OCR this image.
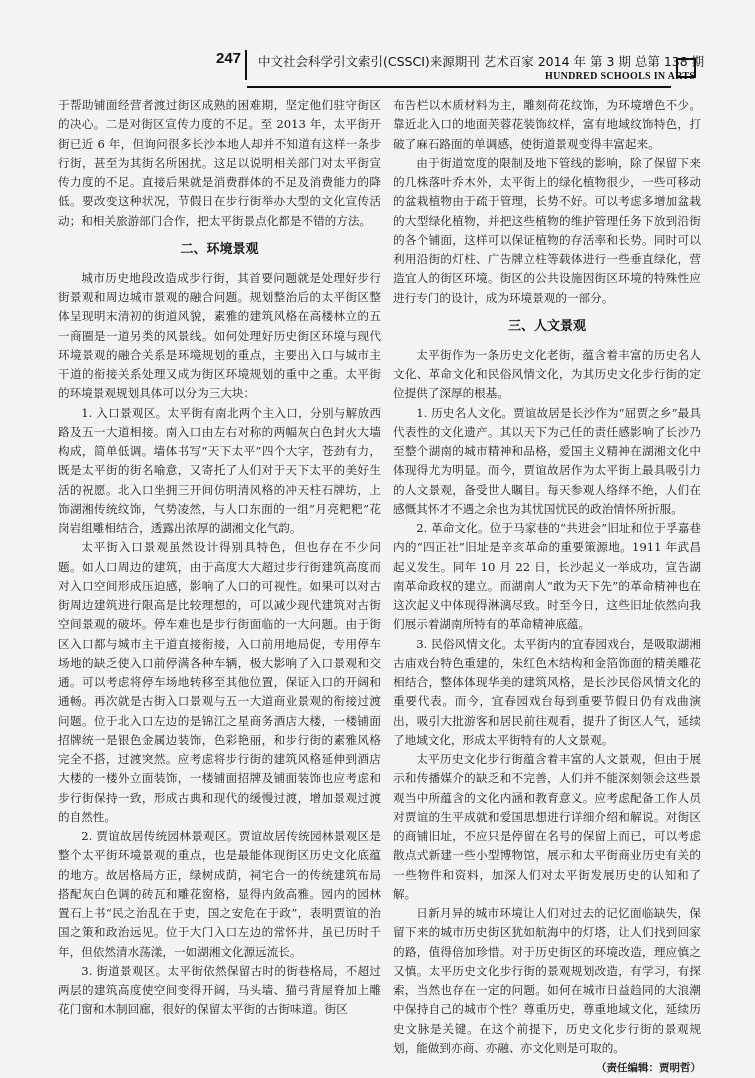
247 中文社会科学引文索引(CSSCI)来源期刊 艺术百家 2014 年 第 3 期 总第 138 期
HUNDRED SCHOOLS IN ARTS

于帮助铺面经营者渡过街区成熟的困难期，坚定他们驻守街区的决心。二是对街区宣传力度的不足。至 2013 年，太平街开街已近 6 年，但询问很多长沙本地人却并不知道有这样一条步行街，甚至为其街名所困扰。这足以说明相关部门对太平街宣传力度的不足。直接后果就是消费群体的不足及消费能力的降低。要改变这种状况，节假日在步行街举办大型的文化宣传活动；和相关旅游部门合作，把太平街景点化都是不错的方法。

二、环境景观

城市历史地段改造成步行街，其首要问题就是处理好步行街景观和周边城市景观的融合问题。规划整治后的太平街区整体呈现明末清初的街道风貌，素雅的建筑风格在高楼林立的五一商圈是一道另类的风景线。如何处理好历史街区环境与现代环境景观的融合关系是环境规划的重点，主要出入口与城市主干道的衔接关系处理又成为街区环境规划的重中之重。太平街的环境景观规划具体可以分为三大块：

1. 入口景观区。太平街有南北两个主入口，分别与解放西路及五一大道相接。南入口由左右对称的两幅灰白色封火大墙构成，简单低调。墙体书写“天下太平”四个大字，苍劲有力，既是太平街的街名喻意，又寄托了人们对于天下太平的美好生活的祝愿。北入口坐拥三开间仿明清风格的冲天柱石牌坊，上饰湖湘传统纹饰，气势凌然，与人口东面的一组“月亮粑粑”花岗岩组雕相结合，透露出浓厚的湖湘文化气韵。

太平街入口景观虽然设计得别具特色，但也存在不少问题。如人口周边的建筑，由于高度大大超过步行街建筑高度而对入口空间形成压迫感，影响了人口的可视性。如果可以对古街周边建筑进行限高是比较理想的，可以减少现代建筑对古街空间景观的破坏。停车难也是步行街面临的一大问题。由于街区入口都与城市主干道直接衔接，入口前用地局促，专用停车场地的缺乏使入口前停满各种车辆，极大影响了入口景观和交通。可以考虑将停车场地转移至其他位置，保证入口的开阔和通畅。再次就是古街入口景观与五一大道商业景观的衔接过渡问题。位于北入口左边的是锦江之星商务酒店大楼，一楼铺面招牌统一是银色金属边装饰，色彩艳丽，和步行街的素雅风格完全不搭，过渡突然。应考虑将步行街的建筑风格延伸到酒店大楼的一楼外立面装饰，一楼铺面招牌及铺面装饰也应考虑和步行街保持一致，形成古典和现代的缓慢过渡，增加景观过渡的自然性。

2. 贾谊故居传统园林景观区。贾谊故居传统园林景观区是整个太平街环境景观的重点，也是最能体现街区历史文化底蕴的地方。故居格局方正，绿树成荫，祠宅合一的传统建筑布局搭配灰白色调的砖瓦和雕花窗格，显得内敛高雅。园内的园林置石上书“民之治乱在于吏，国之安危在于政”，表明贾谊的治国之策和政治远见。位于大门入口左边的常怀井，虽已历时千年，但依然清水荡漾，一如湖湘文化源远流长。

3. 街道景观区。太平街依然保留古时的街巷格局，不超过两层的建筑高度使空间变得开阔，马头墙、猫弓背屋脊加上雕花门窗和木制回廊，很好的保留太平街的古街味道。街区

布告栏以木质材料为主，雕刻荷花纹饰，为环境增色不少。靠近北入口的地面芙蓉花装饰纹样，富有地域纹饰特色，打破了麻石路面的单调感，使街道景观变得丰富起来。

由于街道宽度的限制及地下管线的影响，除了保留下来的几株落叶乔木外，太平街上的绿化植物很少，一些可移动的盆栽植物由于疏于管理，长势不好。可以考虑多增加盆栽的大型绿化植物，并把这些植物的维护管理任务下放到沿街的各个铺面，这样可以保证植物的存活率和长势。同时可以利用沿街的灯柱、广告牌立柱等载体进行一些垂直绿化，营造宜人的街区环境。街区的公共设施因街区环境的特殊性应进行专门的设计，成为环境景观的一部分。

三、人文景观

太平街作为一条历史文化老街，蕴含着丰富的历史名人文化、革命文化和民俗风情文化，为其历史文化步行街的定位提供了深厚的根基。

1. 历史名人文化。贾谊故居是长沙作为“屈贾之乡”最具代表性的文化遗产。其以天下为己任的责任感影响了长沙乃至整个湖南的城市精神和品格，爱国主义精神在湖湘文化中体现得尤为明显。而今，贾谊故居作为太平街上最具吸引力的人文景观，备受世人瞩目。每天参观人络绎不绝，人们在感慨其怀才不遇之余也为其忧国忧民的政治情怀所折服。

2. 革命文化。位于马家巷的“共进会”旧址和位于孚嘉巷内的“四正社”旧址是辛亥革命的重要策源地。1911 年武昌起义发生。同年 10 月 22 日，长沙起义一举成功，宣告湖南革命政权的建立。而湖南人“敢为天下先”的革命精神也在这次起义中体现得淋漓尽致。时至今日，这些旧址依然向我们展示着湖南所特有的革命精神底蕴。

3. 民俗风情文化。太平街内的宜春园戏台，是吸取湖湘古庙戏台特色重建的，朱红色木结构和金箔饰面的精美雕花相结合，整体体现华美的建筑风格，是长沙民俗风情文化的重要代表。而今，宜春园戏台每到重要节假日仍有戏曲演出，吸引大批游客和居民前往观看，提升了街区人气，延续了地域文化，形成太平街特有的人文景观。

太平历史文化步行街蕴含着丰富的人文景观，但由于展示和传播媒介的缺乏和不完善，人们并不能深刻领会这些景观当中所蕴含的文化内涵和教育意义。应考虑配备工作人员对贾谊的生平成就和爱国思想进行详细介绍和解说。对街区的商铺旧址，不应只是停留在名号的保留上而已，可以考虑散点式新建一些小型博物馆，展示和太平街商业历史有关的一些物件和资料，加深人们对太平街发展历史的认知和了解。

日新月异的城市环境让人们对过去的记忆面临缺失，保留下来的城市历史街区犹如航海中的灯塔，让人们找到回家的路，值得倍加珍惜。对于历史街区的环境改造，理应慎之又慎。太平历史文化步行街的景观规划改造，有学习，有探索，当然也存在一定的问题。如何在城市日益趋同的大浪潮中保持自己的城市个性？尊重历史，尊重地域文化，延续历史文脉是关键。在这个前提下，历史文化步行街的景观规划，能做到亦商、亦融、亦文化则是可取的。

（责任编辑：贾明哲）
